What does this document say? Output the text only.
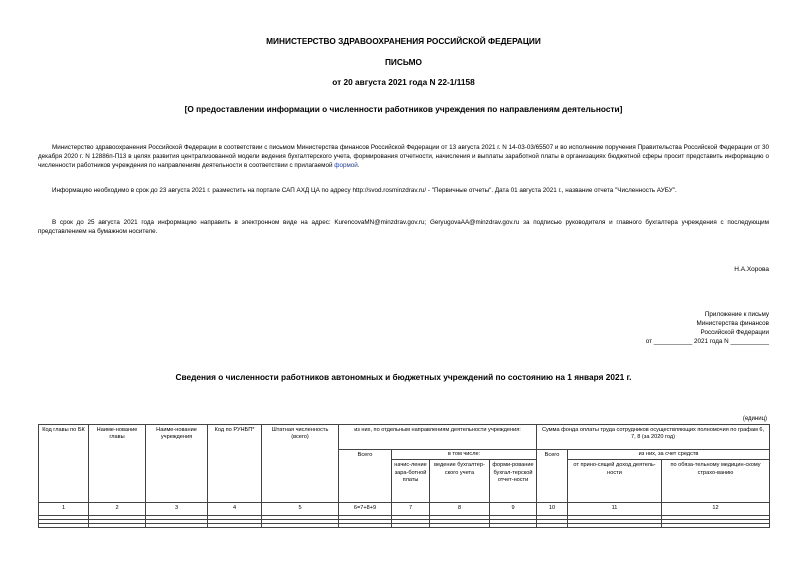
МИНИСТЕРСТВО ЗДРАВООХРАНЕНИЯ РОССИЙСКОЙ ФЕДЕРАЦИИ
ПИСЬМО
от 20 августа 2021 года N 22-1/1158
[О предоставлении информации о численности работников учреждения по направлениям деятельности]

Министерство здравоохранения Российской Федерации в соответствии с письмом Министерства финансов Российской Федерации от 13 августа 2021 г. N 14-03-03/65507 и во исполнение поручения Правительства Российской Федерации от 30 декабря 2020 г. N 12886п-П13 в целях развития централизованной модели ведения бухгалтерского учета, формирования отчетности, начисления и выплаты заработной платы в организациях бюджетной сферы просит представить информацию о численности работников учреждения по направлениям деятельности в соответствии с прилагаемой формой.

Информацию необходимо в срок до 23 августа 2021 г. разместить на портале САП АХД ЦА по адресу http://svod.rosminzdrav.ru/ - "Первичные отчеты". Дата 01 августа 2021 г., название отчета "Численность АУБУ".

В срок до 25 августа 2021 года информацию направить в электронном виде на адрес: KurencovaMN@minzdrav.gov.ru; GeryugovaAA@minzdrav.gov.ru за подписью руководителя и главного бухгалтера учреждения с последующим представлением на бумажном носителе.

Н.А.Хорова
Приложение к письму
Министерства финансов
Российской Федерации
от ___________ 2021 года N ___________
Сведения о численности работников автономных и бюджетных учреждений по состоянию на 1 января 2021 г.
(единиц)
Код главы по БК	Наиме-нование главы	Наиме-нование учреждения	Код по РУНБП*	Штатная численность (всего)	из них, по отдельным направлениям деятельности учреждения:				Сумма фонда оплаты труда сотрудников осуществляющих полномочия по графам 6, 7, 8 (за 2020 год)		
					Всего	в том числе:			Всего	из них, за счет средств	
						начис-ление зара-ботной платы	ведение бухгалтер-ского учета	форми-рование бухгал-терской отчет-ности		от прино-сящей доход деятель-ности	по обяза-тельному медицин-скому страхо-ванию
1	2	3	4	5	6=7+8+9	7	8	9	10	11	12
